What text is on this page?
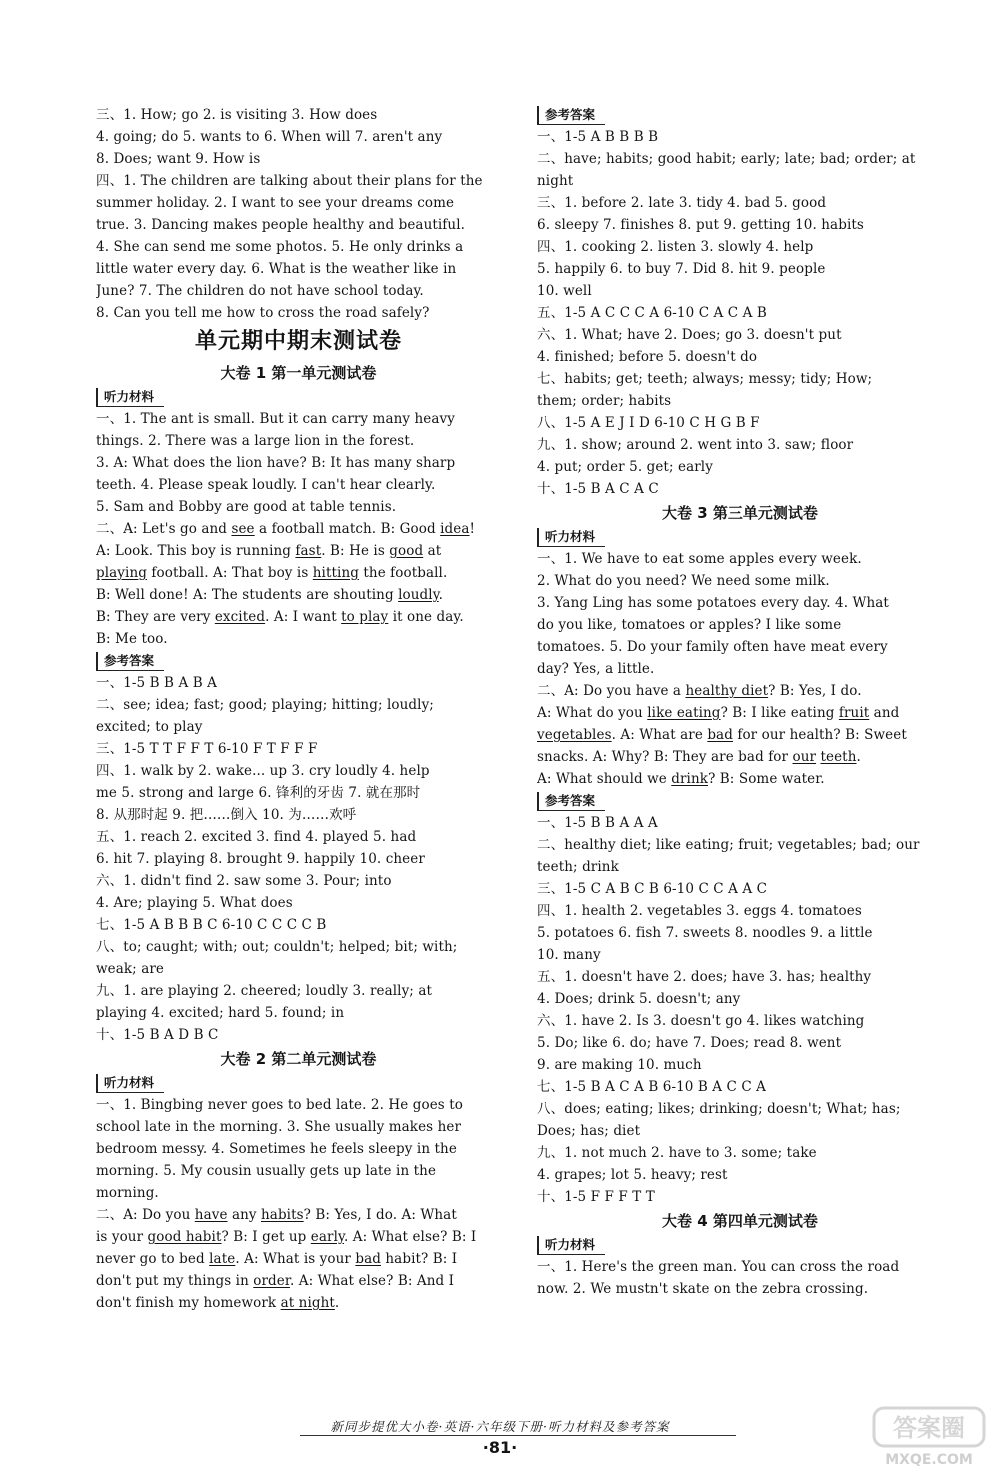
三、1. How; go 2. is visiting 3. How does
4. going; do 5. wants to 6. When will 7. aren't any
8. Does; want 9. How is
四、1. The children are talking about their plans for the
summer holiday. 2. I want to see your dreams come
true. 3. Dancing makes people healthy and beautiful.
4. She can send me some photos. 5. He only drinks a
little water every day. 6. What is the weather like in
June? 7. The children do not have school today.
8. Can you tell me how to cross the road safely?
单元期中期末测试卷
大卷 1 第一单元测试卷
听力材料
一、1. The ant is small. But it can carry many heavy
things. 2. There was a large lion in the forest.
3. A: What does the lion have? B: It has many sharp
teeth. 4. Please speak loudly. I can't hear clearly.
5. Sam and Bobby are good at table tennis.
二、A: Let's go and see a football match. B: Good idea!
A: Look. This boy is running fast. B: He is good at
playing football. A: That boy is hitting the football.
B: Well done! A: The students are shouting loudly.
B: They are very excited. A: I want to play it one day.
B: Me too.
参考答案
一、1-5 B B A B A
二、see; idea; fast; good; playing; hitting; loudly;
excited; to play
三、1-5 T T F F T 6-10 F T F F F
四、1. walk by 2. wake... up 3. cry loudly 4. help
me 5. strong and large 6. 锋利的牙齿 7. 就在那时
8. 从那时起 9. 把……倒入 10. 为……欢呼
五、1. reach 2. excited 3. find 4. played 5. had
6. hit 7. playing 8. brought 9. happily 10. cheer
六、1. didn't find 2. saw some 3. Pour; into
4. Are; playing 5. What does
七、1-5 A B B B C 6-10 C C C C B
八、to; caught; with; out; couldn't; helped; bit; with;
weak; are
九、1. are playing 2. cheered; loudly 3. really; at
playing 4. excited; hard 5. found; in
十、1-5 B A D B C
大卷 2 第二单元测试卷
听力材料
一、1. Bingbing never goes to bed late. 2. He goes to
school late in the morning. 3. She usually makes her
bedroom messy. 4. Sometimes he feels sleepy in the
morning. 5. My cousin usually gets up late in the
morning.
二、A: Do you have any habits? B: Yes, I do. A: What
is your good habit? B: I get up early. A: What else? B: I
never go to bed late. A: What is your bad habit? B: I
don't put my things in order. A: What else? B: And I
don't finish my homework at night.
参考答案
一、1-5 A B B B B
二、have; habits; good habit; early; late; bad; order; at
night
三、1. before 2. late 3. tidy 4. bad 5. good
6. sleepy 7. finishes 8. put 9. getting 10. habits
四、1. cooking 2. listen 3. slowly 4. help
5. happily 6. to buy 7. Did 8. hit 9. people
10. well
五、1-5 A C C C A 6-10 C A C A B
六、1. What; have 2. Does; go 3. doesn't put
4. finished; before 5. doesn't do
七、habits; get; teeth; always; messy; tidy; How;
them; order; habits
八、1-5 A E J I D 6-10 C H G B F
九、1. show; around 2. went into 3. saw; floor
4. put; order 5. get; early
十、1-5 B A C A C
大卷 3 第三单元测试卷
听力材料
一、1. We have to eat some apples every week.
2. What do you need? We need some milk.
3. Yang Ling has some potatoes every day. 4. What
do you like, tomatoes or apples? I like some
tomatoes. 5. Do your family often have meat every
day? Yes, a little.
二、A: Do you have a healthy diet? B: Yes, I do.
A: What do you like eating? B: I like eating fruit and
vegetables. A: What are bad for our health? B: Sweet
snacks. A: Why? B: They are bad for our teeth.
A: What should we drink? B: Some water.
参考答案
一、1-5 B B A A A
二、healthy diet; like eating; fruit; vegetables; bad; our
teeth; drink
三、1-5 C A B C B 6-10 C C A A C
四、1. health 2. vegetables 3. eggs 4. tomatoes
5. potatoes 6. fish 7. sweets 8. noodles 9. a little
10. many
五、1. doesn't have 2. does; have 3. has; healthy
4. Does; drink 5. doesn't; any
六、1. have 2. Is 3. doesn't go 4. likes watching
5. Do; like 6. do; have 7. Does; read 8. went
9. are making 10. much
七、1-5 B A C A B 6-10 B A C C A
八、does; eating; likes; drinking; doesn't; What; has;
Does; has; diet
九、1. not much 2. have to 3. some; take
4. grapes; lot 5. heavy; rest
十、1-5 F F F T T
大卷 4 第四单元测试卷
听力材料
一、1. Here's the green man. You can cross the road
now. 2. We mustn't skate on the zebra crossing.
新同步提优大小卷·英语·六年级下册·听力材料及参考答案
·81·
答案圈
MXQE.COM
